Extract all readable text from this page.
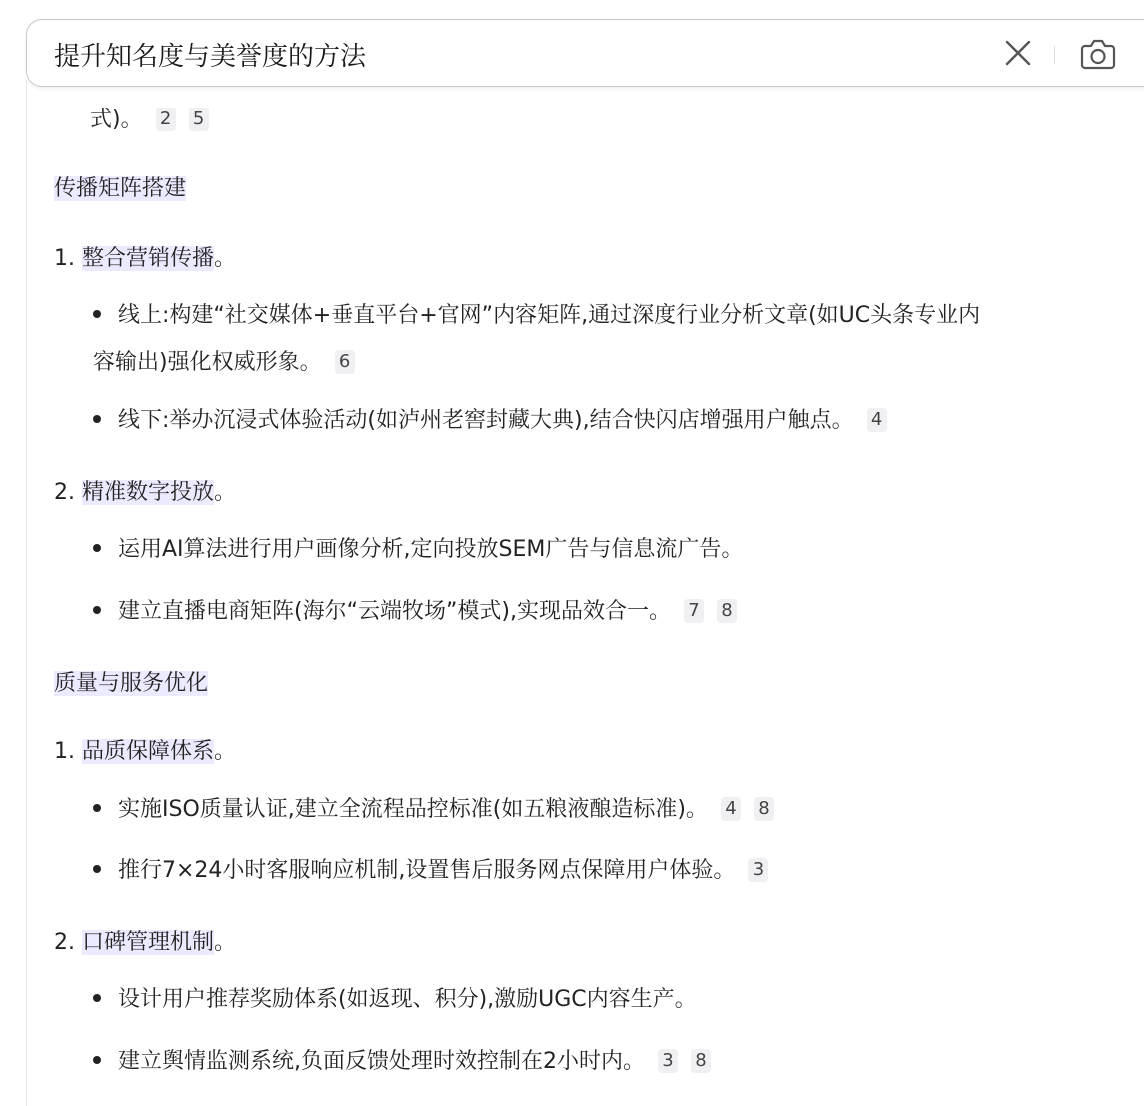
式)。 2 5
传播矩阵搭建
1. 整合营销传播。
线上:构建“社交媒体+垂直平台+官网”内容矩阵,通过深度行业分析文章(如UC头条专业内
容输出)强化权威形象。 6
线下:举办沉浸式体验活动(如泸州老窖封藏大典),结合快闪店增强用户触点。 4
2. 精准数字投放。
运用AI算法进行用户画像分析,定向投放SEM广告与信息流广告。
建立直播电商矩阵(海尔“云端牧场”模式),实现品效合一。 7 8
质量与服务优化
1. 品质保障体系。
实施ISO质量认证,建立全流程品控标准(如五粮液酿造标准)。 4 8
推行7×24小时客服响应机制,设置售后服务网点保障用户体验。 3
2. 口碑管理机制。
设计用户推荐奖励体系(如返现、积分),激励UGC内容生产。
建立舆情监测系统,负面反馈处理时效控制在2小时内。 3 8
提升知名度与美誉度的方法
